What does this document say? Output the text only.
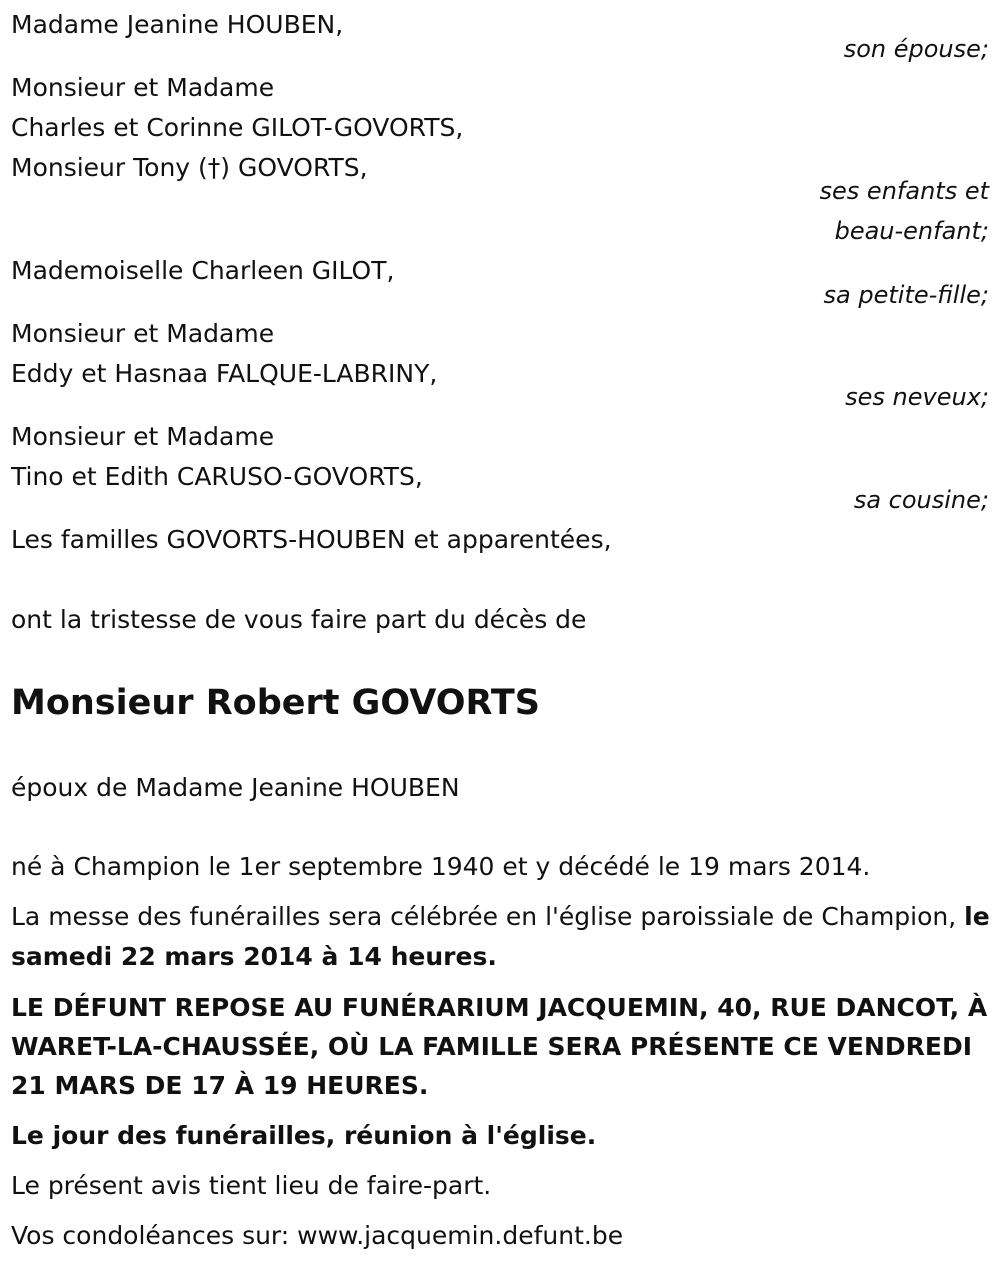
Madame Jeanine HOUBEN,

son épouse;

Monsieur et Madame

Charles et Corinne GILOT-GOVORTS,

Monsieur Tony (†) GOVORTS,

ses enfants et

beau-enfant;

Mademoiselle Charleen GILOT,

sa petite-fille;

Monsieur et Madame

Eddy et Hasnaa FALQUE-LABRINY,

ses neveux;

Monsieur et Madame

Tino et Edith CARUSO-GOVORTS,

sa cousine;

Les familles GOVORTS-HOUBEN et apparentées,

ont la tristesse de vous faire part du décès de

Monsieur Robert GOVORTS

époux de Madame Jeanine HOUBEN

né à Champion le 1er septembre 1940 et y décédé le 19 mars 2014.

La messe des funérailles sera célébrée en l'église paroissiale de Champion, le samedi 22 mars 2014 à 14 heures.

LE DÉFUNT REPOSE AU FUNÉRARIUM JACQUEMIN, 40, RUE DANCOT, À WARET-LA-CHAUSSÉE, OÙ LA FAMILLE SERA PRÉSENTE CE VENDREDI 21 MARS DE 17 À 19 HEURES.

Le jour des funérailles, réunion à l'église.

Le présent avis tient lieu de faire-part.

Vos condoléances sur: www.jacquemin.defunt.be
